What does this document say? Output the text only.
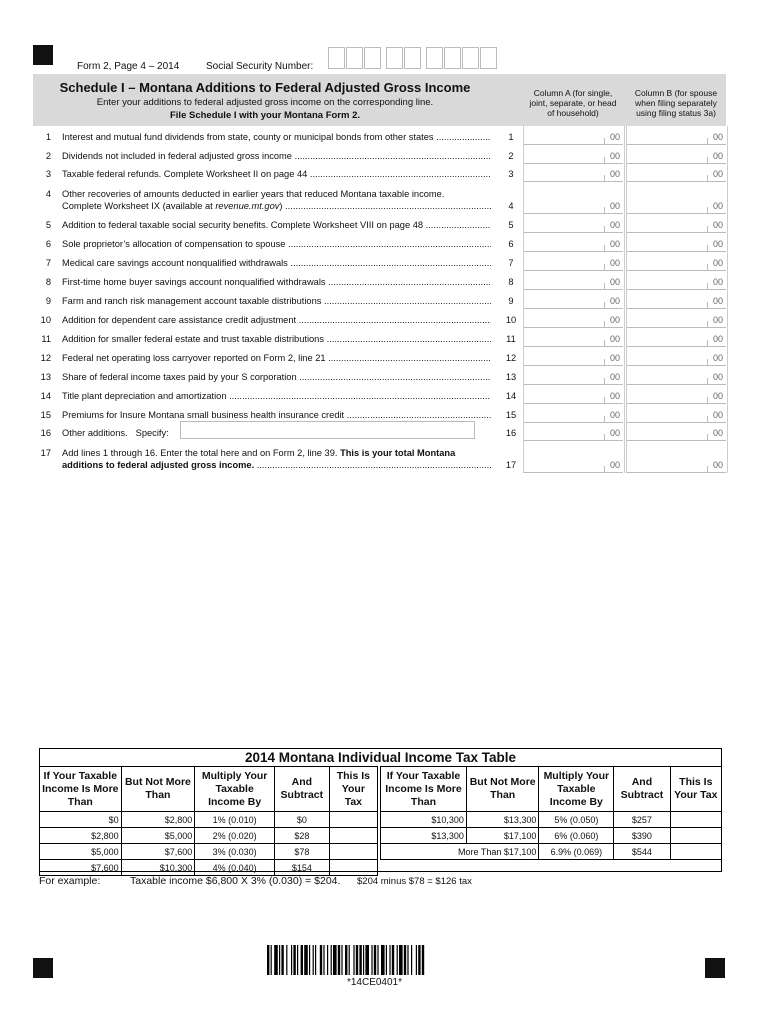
Form 2, Page 4 – 2014	Social Security Number:
Schedule I – Montana Additions to Federal Adjusted Gross Income
Enter your additions to federal adjusted gross income on the corresponding line.
File Schedule I with your Montana Form 2.
Column A (for single,
joint, separate, or head
of household)
Column B (for spouse
when filing separately
using filing status 3a)
1 Interest and mutual fund dividends from state, county or municipal bonds from other states .....
2 Dividends not included in federal adjusted gross income .....
3 Taxable federal refunds. Complete Worksheet II on page 44 .....
4 Other recoveries of amounts deducted in earlier years that reduced Montana taxable income.
Complete Worksheet IX (available at revenue.mt.gov) .....
5 Addition to federal taxable social security benefits. Complete Worksheet VIII on page 48 .....
6 Sole proprietor’s allocation of compensation to spouse .....
7 Medical care savings account nonqualified withdrawals .....
8 First-time home buyer savings account nonqualified withdrawals .....
9 Farm and ranch risk management account taxable distributions .....
10 Addition for dependent care assistance credit adjustment .....
11 Addition for smaller federal estate and trust taxable distributions .....
12 Federal net operating loss carryover reported on Form 2, line 21 .....
13 Share of federal income taxes paid by your S corporation .....
14 Title plant depreciation and amortization .....
15 Premiums for Insure Montana small business health insurance credit .....
16 Other additions. Specify:
17 Add lines 1 through 16. Enter the total here and on Form 2, line 39. This is your total Montana
additions to federal adjusted gross income. .....
2014 Montana Individual Income Tax Table
If Your Taxable Income Is More Than	But Not More Than	Multiply Your Taxable Income By	And Subtract	This Is Your Tax
$0	$2,800	1% (0.010)	$0	
$2,800	$5,000	2% (0.020)	$28	
$5,000	$7,600	3% (0.030)	$78	
$7,600	$10,300	4% (0.040)	$154	
If Your Taxable Income Is More Than	But Not More Than	Multiply Your Taxable Income By	And Subtract	This Is Your Tax
$10,300	$13,300	5% (0.050)	$257	
$13,300	$17,100	6% (0.060)	$390	
More Than $17,100		6.9% (0.069)	$544	
For example:	Taxable income $6,800 X 3% (0.030) = $204. $204 minus $78 = $126 tax
*14CE0401*
1	00	00
2	00	00
3	00	00
4	00	00
5	00	00
6	00	00
7	00	00
8	00	00
9	00	00
10	00	00
11	00	00
12	00	00
13	00	00
14	00	00
15	00	00
16	00	00
17	00	00
